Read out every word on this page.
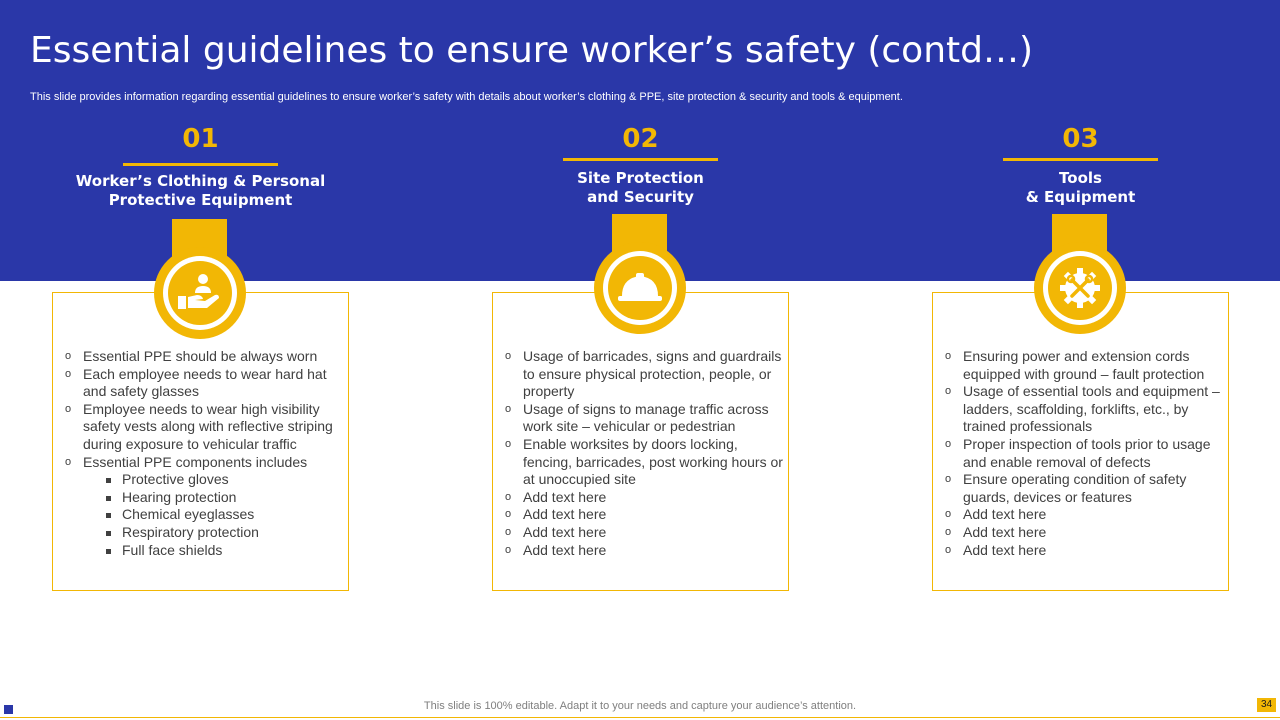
Essential guidelines to ensure worker’s safety (contd…)
This slide provides information regarding essential guidelines to ensure worker’s safety with details about worker’s clothing & PPE, site protection & security and tools & equipment.
01
Worker’s Clothing & Personal
Protective Equipment
o Essential PPE should be always worn
o Each employee needs to wear hard hat and safety glasses
o Employee needs to wear high visibility safety vests along with reflective striping during exposure to vehicular traffic
o Essential PPE components includes
Protective gloves
Hearing protection
Chemical eyeglasses
Respiratory protection
Full face shields
02
Site Protection
and Security
o Usage of barricades, signs and guardrails to ensure physical protection, people, or property
o Usage of signs to manage traffic across work site – vehicular or pedestrian
o Enable worksites by doors locking, fencing, barricades, post working hours or at unoccupied site
o Add text here
o Add text here
o Add text here
o Add text here
03
Tools
& Equipment
o Ensuring power and extension cords equipped with ground – fault protection
o Usage of essential tools and equipment – ladders, scaffolding, forklifts, etc., by trained professionals
o Proper inspection of tools prior to usage and enable removal of defects
o Ensure operating condition of safety guards, devices or features
o Add text here
o Add text here
o Add text here
This slide is 100% editable. Adapt it to your needs and capture your audience’s attention.	34
